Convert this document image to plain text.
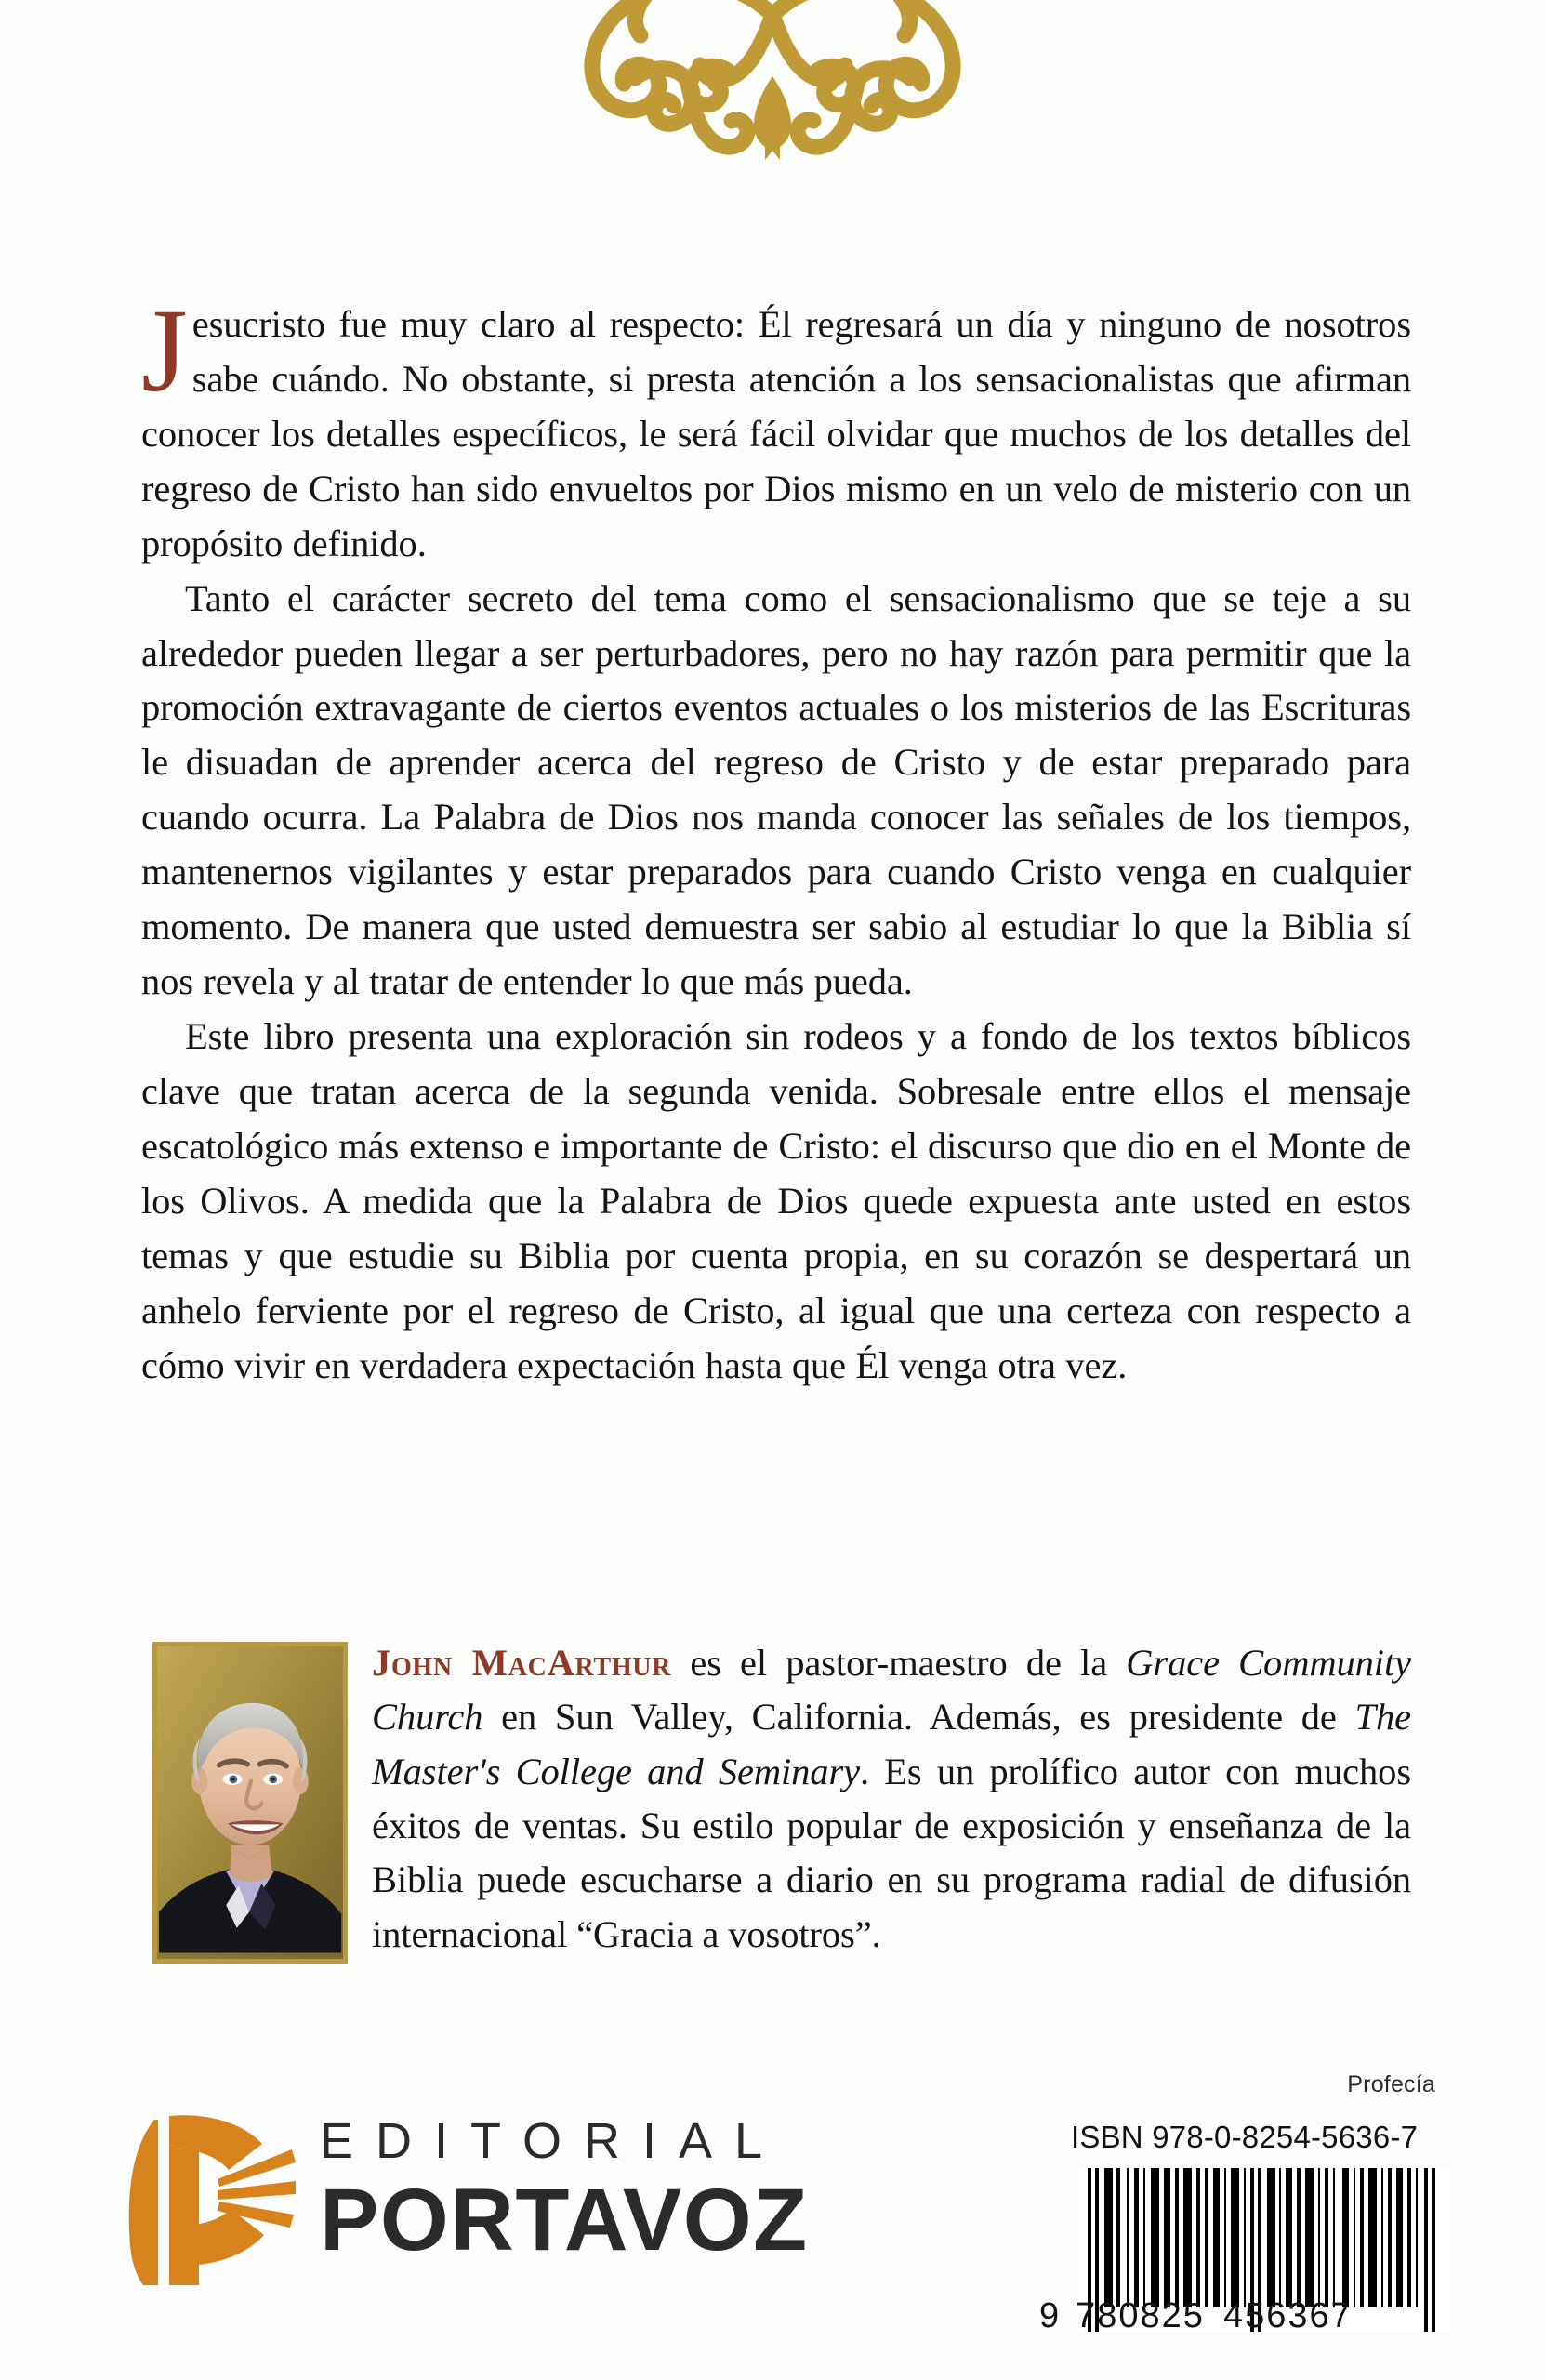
Jesucristo fue muy claro al respecto: Él regresará un día y ninguno de nosotros sabe cuándo. No obstante, si presta atención a los sensacionalistas que afirman conocer los detalles específicos, le será fácil olvidar que muchos de los detalles del regreso de Cristo han sido envueltos por Dios mismo en un velo de misterio con un propósito definido.

Tanto el carácter secreto del tema como el sensacionalismo que se teje a su alrededor pueden llegar a ser perturbadores, pero no hay razón para permitir que la promoción extravagante de ciertos eventos actuales o los misterios de las Escrituras le disuadan de aprender acerca del regreso de Cristo y de estar preparado para cuando ocurra. La Palabra de Dios nos manda conocer las señales de los tiempos, mantenernos vigilantes y estar preparados para cuando Cristo venga en cualquier momento. De manera que usted demuestra ser sabio al estudiar lo que la Biblia sí nos revela y al tratar de entender lo que más pueda.

Este libro presenta una exploración sin rodeos y a fondo de los textos bíblicos clave que tratan acerca de la segunda venida. Sobresale entre ellos el mensaje escatológico más extenso e importante de Cristo: el discurso que dio en el Monte de los Olivos. A medida que la Palabra de Dios quede expuesta ante usted en estos temas y que estudie su Biblia por cuenta propia, en su corazón se despertará un anhelo ferviente por el regreso de Cristo, al igual que una certeza con respecto a cómo vivir en verdadera expectación hasta que Él venga otra vez.

John MacArthur es el pastor-maestro de la Grace Community Church en Sun Valley, California. Además, es presidente de The Master's College and Seminary. Es un prolífico autor con muchos éxitos de ventas. Su estilo popular de exposición y enseñanza de la Biblia puede escucharse a diario en su programa radial de difusión internacional “Gracia a vosotros”.

EDITORIAL
PORTAVOZ
Profecía
ISBN 978-0-8254-5636-7
9 780825 456367
